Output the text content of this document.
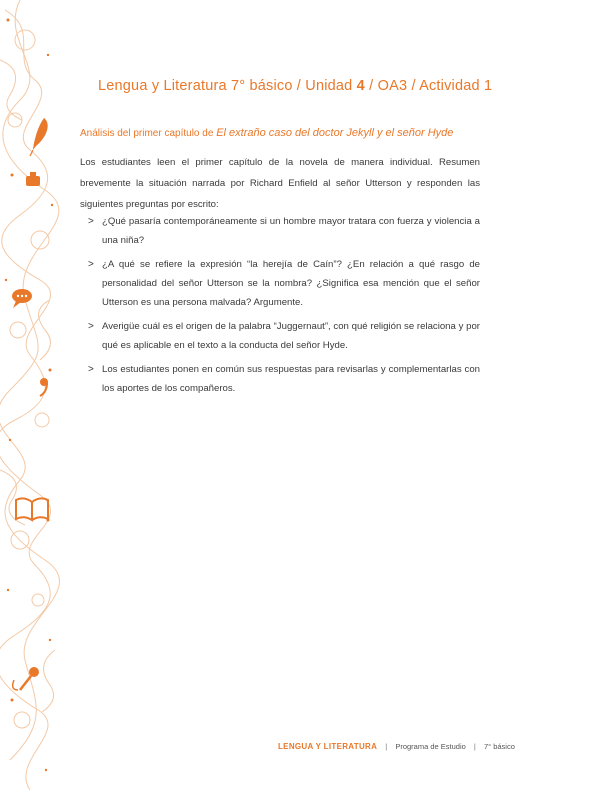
Lengua y Literatura 7° básico / Unidad 4 / OA3 / Actividad 1
Análisis del primer capítulo de El extraño caso del doctor Jekyll y el señor Hyde

Los estudiantes leen el primer capítulo de la novela de manera individual. Resumen brevemente la situación narrada por Richard Enfield al señor Utterson y responden las siguientes preguntas por escrito:

> ¿Qué pasaría contemporáneamente si un hombre mayor tratara con fuerza y violencia a una niña?
> ¿A qué se refiere la expresión “la herejía de Caín”? ¿En relación a qué rasgo de personalidad del señor Utterson se la nombra? ¿Significa esa mención que el señor Utterson es una persona malvada? Argumente.
> Averigüe cuál es el origen de la palabra “Juggernaut”, con qué religión se relaciona y por qué es aplicable en el texto a la conducta del señor Hyde.
> Los estudiantes ponen en común sus respuestas para revisarlas y complementarlas con los aportes de los compañeros.
LENGUA Y LITERATURA | Programa de Estudio | 7° básico
